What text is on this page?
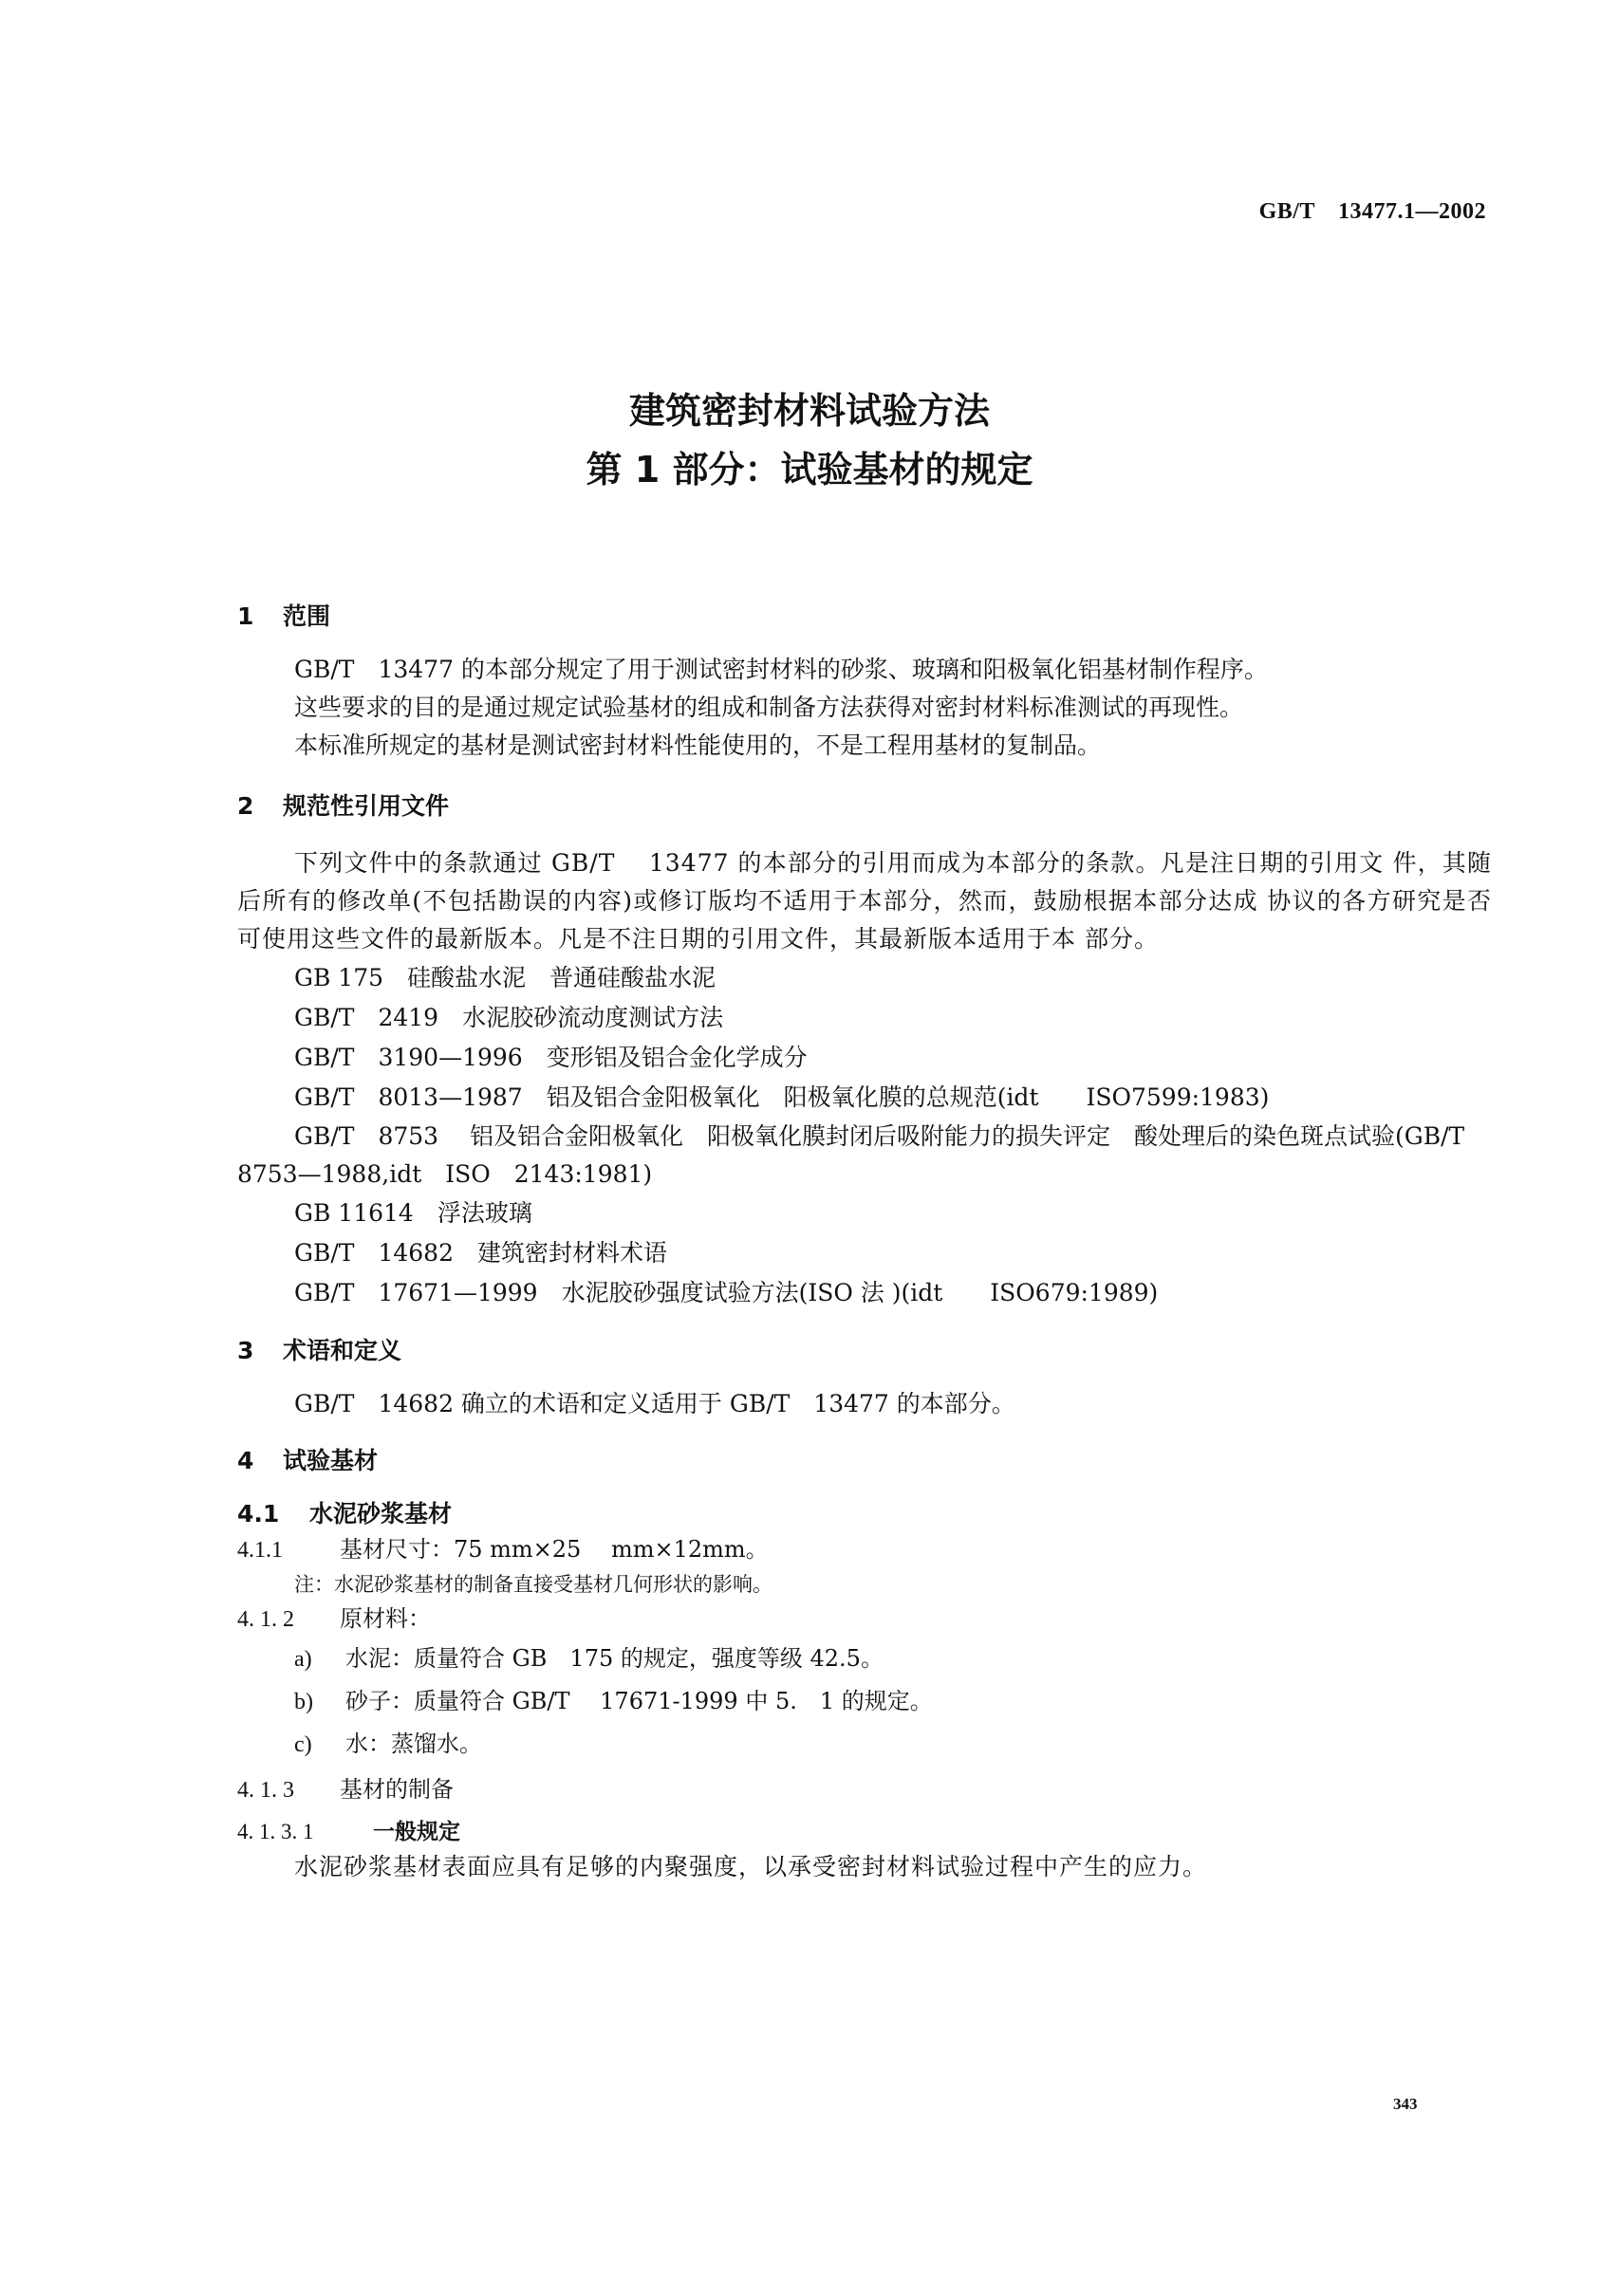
GB/T　13477.1—2002
建筑密封材料试验方法
第 1 部分：试验基材的规定
1 范围

GB/T　13477 的本部分规定了用于测试密封材料的砂浆、玻璃和阳极氧化铝基材制作程序。

这些要求的目的是通过规定试验基材的组成和制备方法获得对密封材料标准测试的再现性。

本标准所规定的基材是测试密封材料性能使用的，不是工程用基材的复制品。

2 规范性引用文件

下列文件中的条款通过 GB/T　 13477 的本部分的引用而成为本部分的条款。凡是注日期的引用文 件，其随后所有的修改单(不包括勘误的内容)或修订版均不适用于本部分，然而，鼓励根据本部分达成 协议的各方研究是否可使用这些文件的最新版本。凡是不注日期的引用文件，其最新版本适用于本 部分。

GB 175　硅酸盐水泥　普通硅酸盐水泥

GB/T　2419　水泥胶砂流动度测试方法

GB/T　3190—1996　变形铝及铝合金化学成分

GB/T　8013—1987　铝及铝合金阳极氧化　阳极氧化膜的总规范(idt　　ISO7599:1983)

GB/T　8753　 铝及铝合金阳极氧化　阳极氧化膜封闭后吸附能力的损失评定　酸处理后的染色斑点试验(GB/T　8753—1988,idt　ISO　2143:1981)

GB 11614　浮法玻璃

GB/T　14682　建筑密封材料术语

GB/T　17671—1999　水泥胶砂强度试验方法(ISO 法 )(idt　　ISO679:1989)

3 术语和定义

GB/T　14682 确立的术语和定义适用于 GB/T　13477 的本部分。

4 试验基材
4.1 水泥砂浆基材

4.1.1	基材尺寸：75 mm×25　 mm×12mm。

注：水泥砂浆基材的制备直接受基材几何形状的影响。

4. 1. 2 原材料：

a) 水泥：质量符合 GB　175 的规定，强度等级 42.5。

b) 砂子：质量符合 GB/T　 17671-1999 中 5.　1 的规定。

c) 水：蒸馏水。

4. 1. 3 基材的制备

4. 1. 3. 1	一般规定

水泥砂浆基材表面应具有足够的内聚强度，以承受密封材料试验过程中产生的应力。

343
